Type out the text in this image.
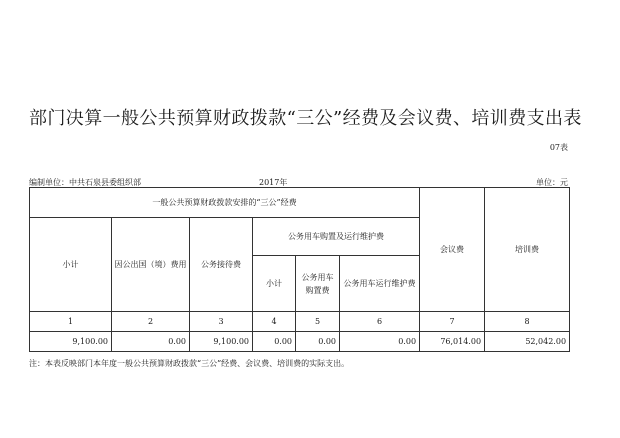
部门决算一般公共预算财政拨款“三公”经费及会议费、培训费支出表
07表
编制单位：中共石泉县委组织部	2017年	单位：元
一般公共预算财政拨款安排的“三公”经费						会议费	培训费
小计	因公出国（境）费用	公务接待费	公务用车购置及运行维护费				
			小计	公务用车购置费	公务用车运行维护费		
1	2	3	4	5	6	7	8
9,100.00	0.00	9,100.00	0.00	0.00	0.00	76,014.00	52,042.00
注：本表反映部门本年度一般公共预算财政拨款“三公”经费、会议费、培训费的实际支出。
